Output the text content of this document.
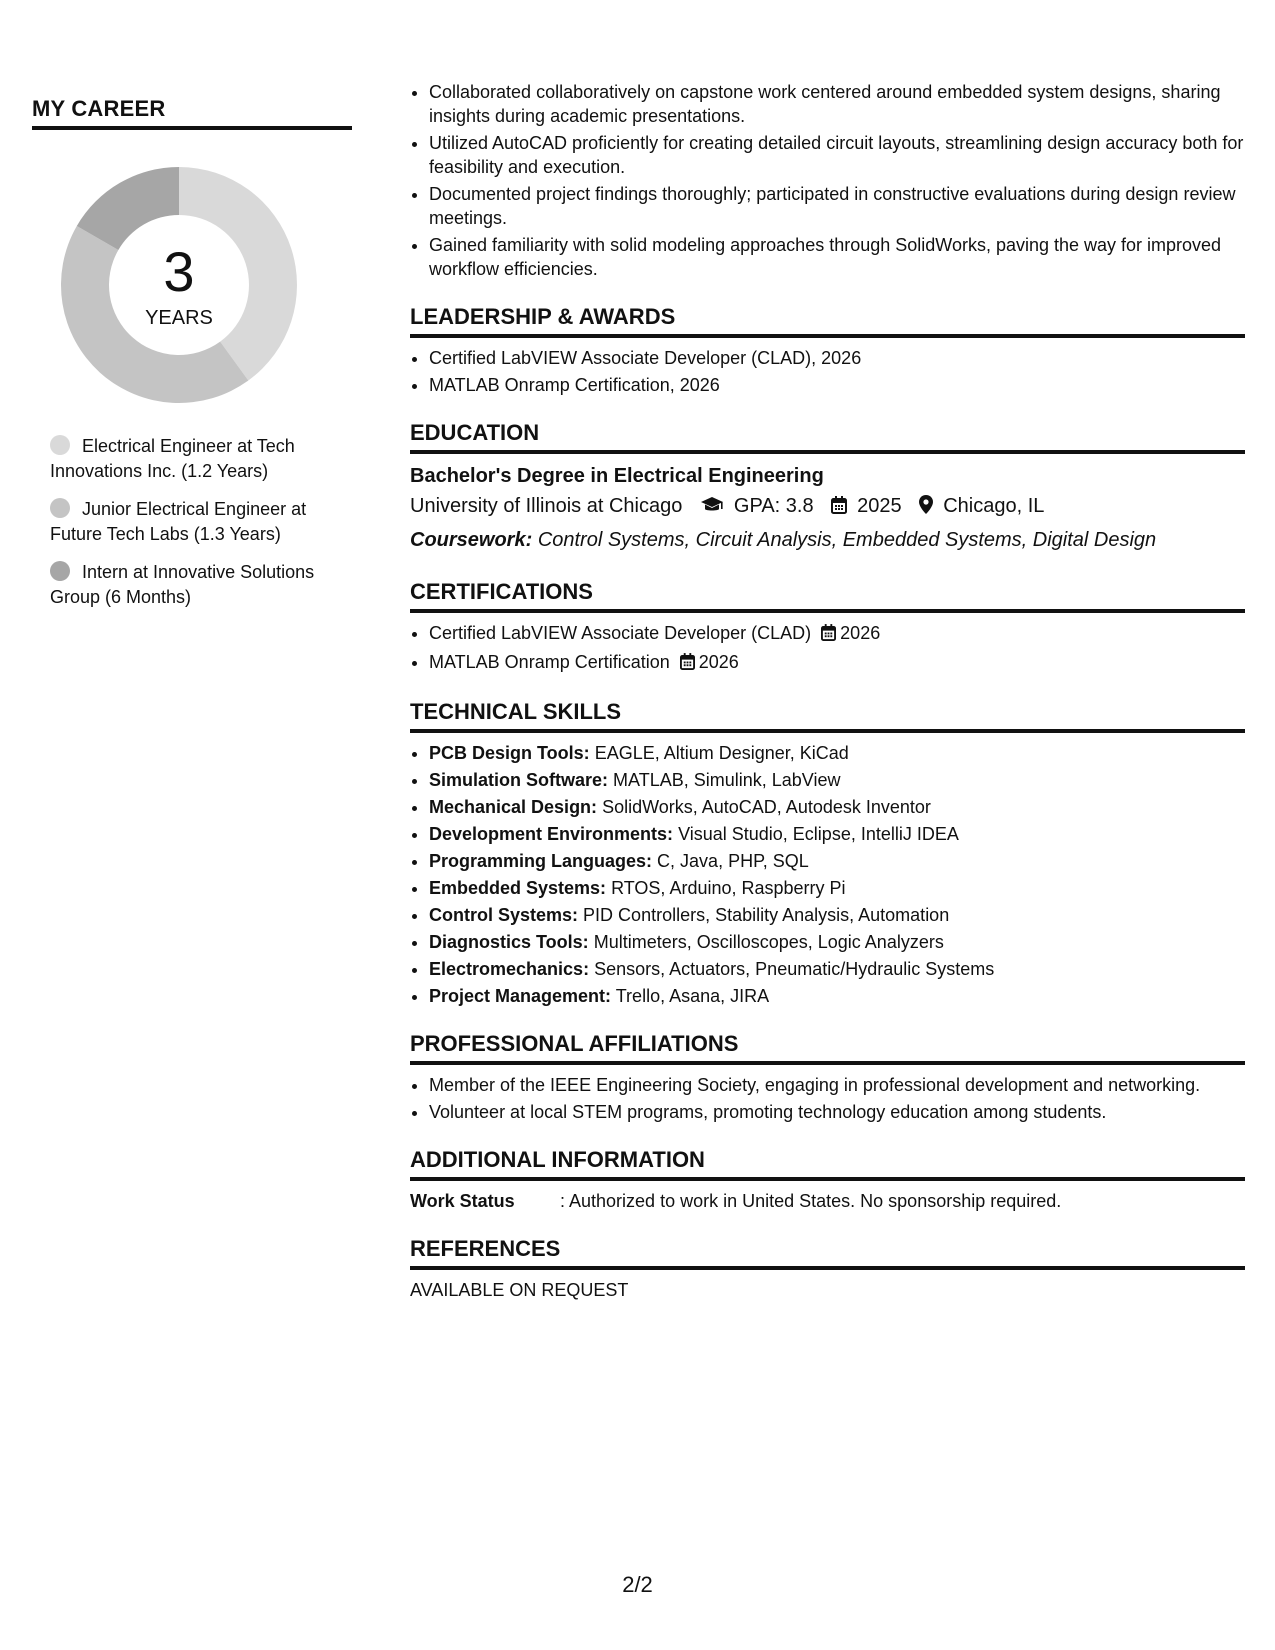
MY CAREER
3
YEARS
Electrical Engineer at Tech Innovations Inc. (1.2 Years)
Junior Electrical Engineer at Future Tech Labs (1.3 Years)
Intern at Innovative Solutions Group (6 Months)
• Collaborated collaboratively on capstone work centered around embedded system designs, sharing insights during academic presentations.
• Utilized AutoCAD proficiently for creating detailed circuit layouts, streamlining design accuracy both for feasibility and execution.
• Documented project findings thoroughly; participated in constructive evaluations during design review meetings.
• Gained familiarity with solid modeling approaches through SolidWorks, paving the way for improved workflow efficiencies.
LEADERSHIP & AWARDS
• Certified LabVIEW Associate Developer (CLAD), 2026
• MATLAB Onramp Certification, 2026
EDUCATION
Bachelor's Degree in Electrical Engineering
University of Illinois at Chicago	GPA: 3.8 2025 Chicago, IL
Coursework: Control Systems, Circuit Analysis, Embedded Systems, Digital Design
CERTIFICATIONS
• Certified LabVIEW Associate Developer (CLAD) 2026
• MATLAB Onramp Certification 2026
TECHNICAL SKILLS
• PCB Design Tools: EAGLE, Altium Designer, KiCad
• Simulation Software: MATLAB, Simulink, LabView
• Mechanical Design: SolidWorks, AutoCAD, Autodesk Inventor
• Development Environments: Visual Studio, Eclipse, IntelliJ IDEA
• Programming Languages: C, Java, PHP, SQL
• Embedded Systems: RTOS, Arduino, Raspberry Pi
• Control Systems: PID Controllers, Stability Analysis, Automation
• Diagnostics Tools: Multimeters, Oscilloscopes, Logic Analyzers
• Electromechanics: Sensors, Actuators, Pneumatic/Hydraulic Systems
• Project Management: Trello, Asana, JIRA
PROFESSIONAL AFFILIATIONS
• Member of the IEEE Engineering Society, engaging in professional development and networking.
• Volunteer at local STEM programs, promoting technology education among students.
ADDITIONAL INFORMATION
Work Status	: Authorized to work in United States. No sponsorship required.
REFERENCES
AVAILABLE ON REQUEST
2/2
